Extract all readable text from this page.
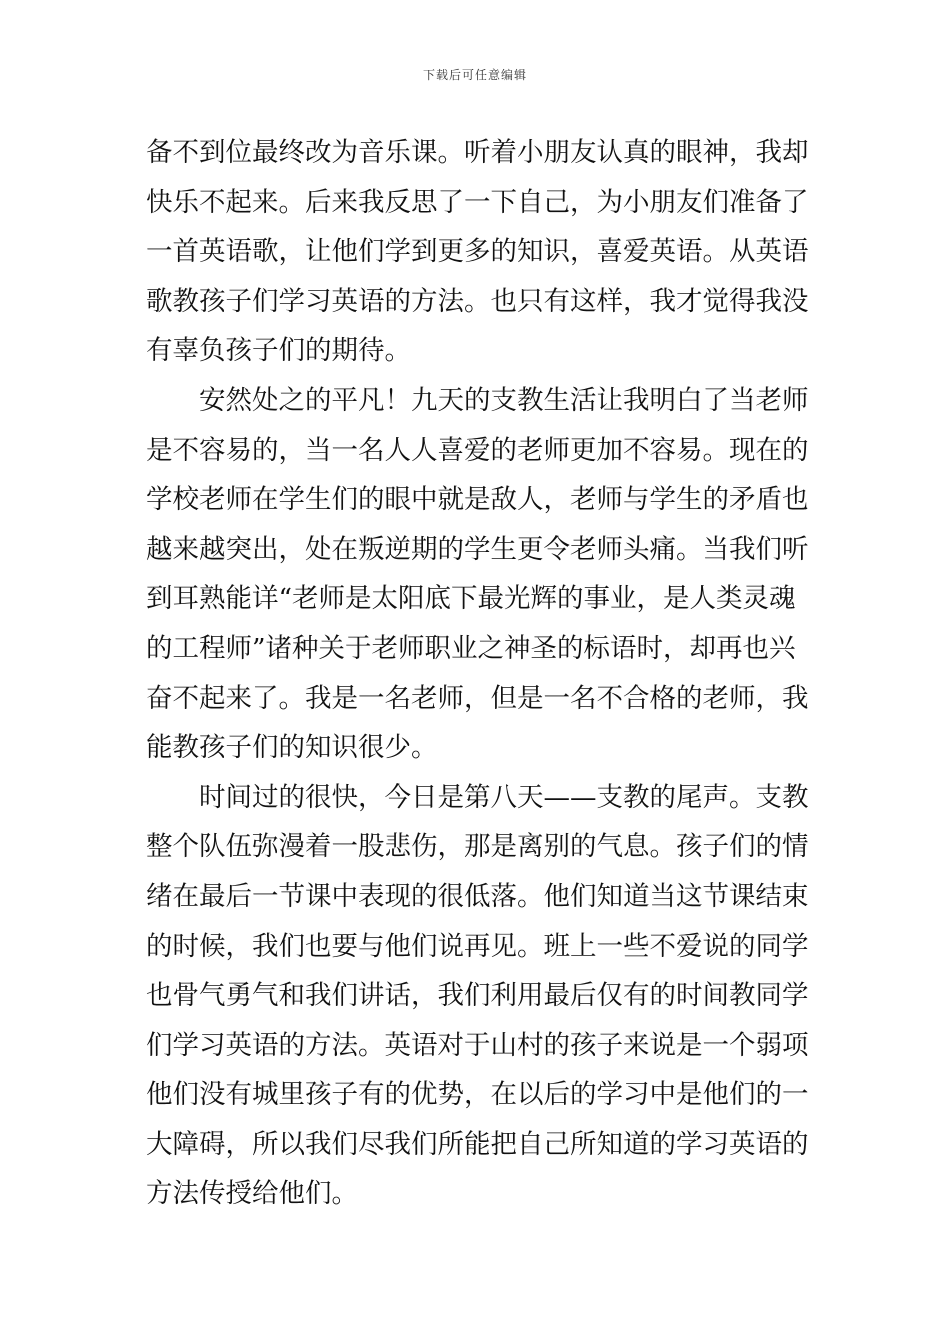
下载后可任意编辑
备不到位最终改为音乐课。听着小朋友认真的眼神，我却
快乐不起来。后来我反思了一下自己，为小朋友们准备了
一首英语歌，让他们学到更多的知识，喜爱英语。从英语
歌教孩子们学习英语的方法。也只有这样，我才觉得我没
有辜负孩子们的期待。
安然处之的平凡！九天的支教生活让我明白了当老师
是不容易的，当一名人人喜爱的老师更加不容易。现在的
学校老师在学生们的眼中就是敌人，老师与学生的矛盾也
越来越突出，处在叛逆期的学生更令老师头痛。当我们听
到耳熟能详“老师是太阳底下最光辉的事业，是人类灵魂
的工程师”诸种关于老师职业之神圣的标语时，却再也兴
奋不起来了。我是一名老师，但是一名不合格的老师，我
能教孩子们的知识很少。
时间过的很快，今日是第八天——支教的尾声。支教
整个队伍弥漫着一股悲伤，那是离别的气息。孩子们的情
绪在最后一节课中表现的很低落。他们知道当这节课结束
的时候，我们也要与他们说再见。班上一些不爱说的同学
也骨气勇气和我们讲话，我们利用最后仅有的时间教同学
们学习英语的方法。英语对于山村的孩子来说是一个弱项
他们没有城里孩子有的优势，在以后的学习中是他们的一
大障碍，所以我们尽我们所能把自己所知道的学习英语的
方法传授给他们。
